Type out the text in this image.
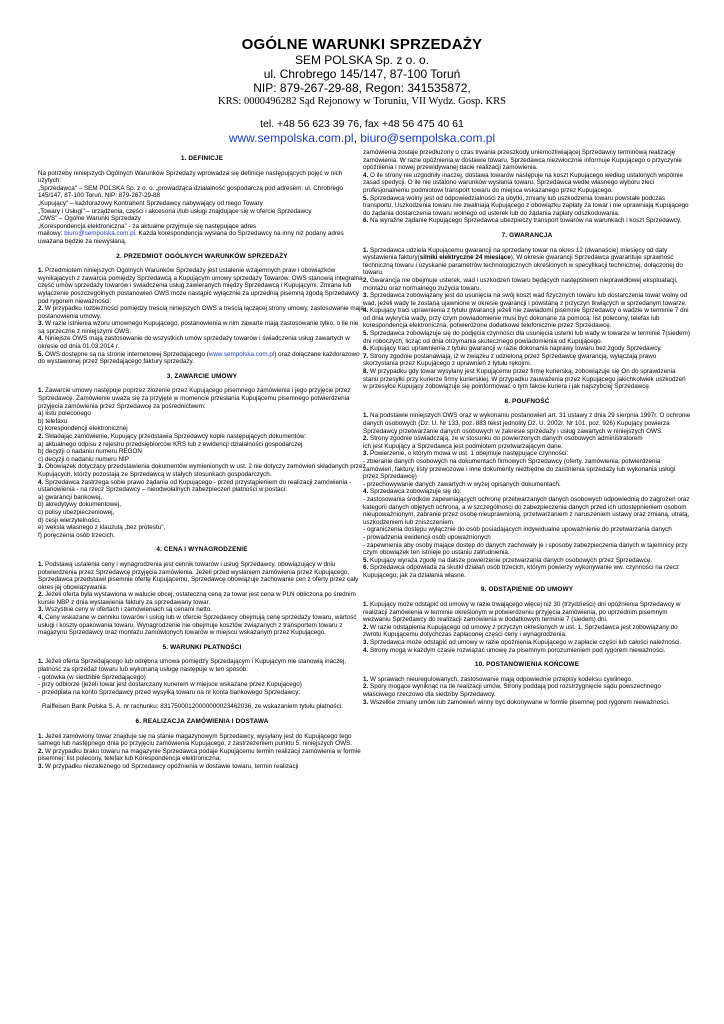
OGÓLNE WARUNKI SPRZEDAŻY
SEM POLSKA Sp. z o. o.
ul. Chrobrego 145/147, 87-100 Toruń
NIP: 879-267-29-88, Regon: 341535872,
KRS: 0000496282 Sąd Rejonowy w Toruniu, VII Wydz. Gosp. KRS
tel. +48 56 623 39 76, fax +48 56 475 40 61
www.sempolska.com.pl, biuro@sempolska.com.pl
1. DEFINICJE

Na potrzeby niniejszych Ogólnych Warunków Sprzedaży wprowadza się definicje następujących pojęć w nich użytych:

„Sprzedawca" – SEM POLSKA Sp. z o. o. „prowadząca działalność gospodarczą pod adresem: ul. Chrobrego 145/147, 87-100 Toruń, NIP: 879-267-29-88

„Kupujący" – każdorazowy Kontrahent Sprzedawcy nabywający od niego Towary

„Towary i Usługi" – urządzenia, części i akcesoria i/lub usługi znajdujące się w ofercie Sprzedawcy

„OWS" – Ogólne Warunki Sprzedaży

„Korespondencja elektroniczna" - za aktualne przyjmuje się następujące adres

mailowy: biuro@sempolska.com.pl. Każda korespondencja wysłana do Sprzedawcy na inny niż podany adres uważana będzie za niewysłaną.

2. PRZEDMIOT OGÓLNYCH WARUNKÓW SPRZEDAŻY

1. Przedmiotem niniejszych Ogólnych Warunków Sprzedaży jest ustalenie wzajemnych praw i obowiązków wynikających z zawarcia pomiędzy Sprzedawcą a Kupującym umowy sprzedaży Towarów. OWS stanowią integralną część umów sprzedaży towarów i świadczenia usług zawieranych między Sprzedawcą i Kupującymi. Zmiana lub wyłączenie poszczególnych postanowień OWS może nastąpić wyłącznie za uprzednią pisemną zgodą Sprzedawcy pod rygorem nieważności.

2. W przypadku rozbieżności pomiędzy treścią niniejszych OWS a treścią łączącej strony umowy, zastosowanie mają postanowienia umowy.

3. W razie istnienia wzoru umownego Kupującego, postanowienia w nim zawarte mają zastosowanie tylko, o ile nie są sprzeczne z niniejszymi OWS.

4. Niniejsze OWS mają zastosowanie do wszystkich umów sprzedaży towarów i świadczenia usług zawartych w okresie od dnia 01.03.2014 r.

5. OWS dostępne są na stronie internetowej Sprzedającego (www.sempolska.com.pl) oraz dołączane każdorazowo do wystawionej przez Sprzedającego faktury sprzedaży.

3. ZAWARCIE UMOWY

1. Zawarcie umowy następuje poprzez złożenie przez Kupującego pisemnego zamówienia i jego przyjęcie przez Sprzedawcę. Zamówienie uważa się za przyjęte w momencie przesłania Kupującemu pisemnego potwierdzenia przyjęcia zamówienia przez Sprzedawcę za pośrednictwem:

a) listu poleconego

b) telefaxu

c) korespondencji elektronicznej

2. Składając zamówienie, Kupujący przedstawia Sprzedawcy kopie następujących dokumentów:

a) aktualnego odpisu z rejestru przedsiębiorców KRS lub z ewidencji działalności gospodarczej

b) decyzji o nadaniu numeru REGON

c) decyzji o nadaniu numeru NIP

3. Obowiązek dotyczący przedstawienia dokumentów wymienionych w ust. 2 nie dotyczy zamówień składanych przez Kupujących, którzy pozostają ze Sprzedawcą w stałych stosunkach gospodarczych.

4. Sprzedawca zastrzega sobie prawo żądania od Kupującego - przed przystąpieniem do realizacji zamówienia - ustanowienia - na rzecz Sprzedawcy – nieodwołalnych zabezpieczeń płatności w postaci:

a) gwarancji bankowej,

b) akredytywy dokumentowej,

c) polisy ubezpieczeniowej,

d) cesji wierzytelności,

e) weksla własnego z klauzulą „bez protestu",

f) poręczenia osób trzecich.

4. CENA I WYNAGRODZENIE

1. Podstawą ustalenia ceny i wynagrodzenia jest cennik towarów i usług Sprzedawcy, obowiązujący w dniu potwierdzenia przez Sprzedawcę przyjęcia zamówienia. Jeżeli przed wysłaniem zamówienia przez Kupującego, Sprzedawca przedstawił pisemnie ofertę Kupującemu, Sprzedawcę obowiązuje zachowanie cen z oferty przez cały okres jej obowiązywania.

2. Jeżeli oferta była wystawiona w walucie obcej, ostateczną ceną za towar jest cena w PLN obliczona po średnim kursie NBP z dnia wystawienia faktury za sprzedawany towar.

3. Wszystkie ceny w ofertach i zamówieniach są cenami netto.

4. Ceny wskazane w cenniku towarów i usług lub w ofercie Sprzedawcy obejmują cenę sprzedaży towaru, wartość usługi i koszty opakowania towaru. Wynagrodzenie nie obejmuje kosztów związanych z transportem towaru z magazynu Sprzedawcy oraz montażu zamówionych towarów w miejscu wskazanym przez Kupującego.

5. WARUNKI PŁATNOŚCI

1. Jeżeli oferta Sprzedającego lub odrębna umowa pomiędzy Sprzedającym i Kupującym nie stanowią inaczej, płatność za sprzedaż towaru lub wykonaną usługę następuje w ten sposób:

- gotówka (w siedzibie Sprzedającego)

- przy odbiorze (jeżeli towar jest dostarczany kurierem w miejsce wskazane przez Kupującego)

- przedpłata na konto Sprzedawcy przed wysyłką towaru na nr konta bankowego Sprzedawcy:

Raiffeisen Bank Polska S. A. nr rachunku: 83175000120000000023462036, ze wskazaniem tytułu płatności.

6. REALIZACJA ZAMÓWIENIA I DOSTAWA

1. Jeżeli zamówiony towar znajduje się na stanie magazynowym Sprzedawcy, wysyłany jest do Kupującego tego samego lub następnego dnia po przyjęciu zamówienia Kupującego, z zastrzeżeniem punktu 5. niniejszych OWS.

2. W przypadku braku towaru na magazynie Sprzedawca podaje Kupującemu termin realizacji zamówienia w formie pisemnej: list polecony, telefax lub Korespondencja elektroniczna.

3. W przypadku niezależnego od Sprzedawcy opóźnienia w dostawie towaru, termin realizacji

zamówienia zostaje przedłużony o czas trwania przeszkody uniemożliwiającej Sprzedawcy terminową realizację zamówienia. W razie opóźnienia w dostawie towaru, Sprzedawca niezwłocznie informuje Kupującego o przyczynie opóźnienia i nowej przewidywanej dacie realizacji zamówienia.

4. O ile strony nie uzgodniły inaczej, dostawa towarów następuje na koszt Kupującego według ustalonych wspólnie zasad spedycji. O ile nie ustalono warunków wysłania towaru, Sprzedawca wedle własnego wyboru zleci profesjonalnemu podmiotowi transport towaru do miejsca wskazanego przez Kupującego.

5. Sprzedawca wolny jest od odpowiedzialności za ubytki, zmiany lub uszkodzenia towaru powstałe podczas transportu. Uszkodzenia towaru nie zwalniają Kupującego z obowiązku zapłaty za towar i nie uprawniają Kupującego do żądania dostarczenia towaru wolnego od usterek lub do żądania zapłaty odszkodowania.

6. Na wyraźne żądanie Kupującego Sprzedawca ubezpieczy transport towarów na warunkach i koszt Sprzedawcy.

7. GWARANCJA

1. Sprzedawca udziela Kupującemu gwarancji na sprzedany towar na okres 12 (dwanaście) miesięcy od daty wystawienia faktury(silniki elektryczne 24 miesiące). W okresie gwarancji Sprzedawca gwarantuje sprawność techniczną towaru i uzyskanie parametrów technologicznych określonych w specyfikacji technicznej, dołączonej do towaru.

2. Gwarancja nie obejmuje usterek, wad i uszkodzeń towaru będących następstwem nieprawidłowej eksploatacji, montażu oraz normalnego zużycia towaru.

3. Sprzedawca zobowiązany jest do usunięcia na swój koszt wad fizycznych towaru lub dostarczenia towar wolny od wad, jeżeli wady te zostaną ujawnione w okresie gwarancji i powstaną z przyczyn tkwiących w sprzedanym towarze.

4. Kupujący traci uprawnienia z tytułu gwarancji jeżeli nie zawiadomi pisemnie Sprzedawcy o wadzie w terminie 7 dni od dnia wykrycia wady, przy czym powiadomienie musi być dokonane za pomocą: list polecony, telefax lub korespondencja elektroniczna, potwierdzone dodatkowe telefonicznie przez Sprzedawcę.

5. Sprzedawca zobowiązuje się do podjęcia czynności dla usunięcia usterki lub wady w towarze w terminie 7(siedem) dni roboczych, licząc od dnia otrzymania skutecznego powiadomienia od Kupującego.

6. Kupujący traci uprawnienia z tytułu gwarancji w razie dokonania naprawy towaru bez zgody Sprzedawcy.

7. Strony zgodnie postanawiają, iż w związku z udzieloną przez Sprzedawcę gwarancją, wyłączają prawo skorzystania przez Kupującego z uprawnień z tytułu rękojmi.

8. W przypadku gdy towar wysyłany jest Kupującemu przez firmę kurierską, zobowiązuje się On do sprawdzenia stanu przesyłki przy kurierze firmy kurierskiej. W przypadku zauważenia przez Kupującego jakichkolwiek uszkodzeń w przesyłce Kupujący zobowiązuje się poinformować o tym fakcie kuriera i jak najszybciej Sprzedawcę.

8. POUFNOŚĆ

1. Na podstawie niniejszych OWS oraz w wykonaniu postanowień art. 31 ustawy z dnia 29 sierpnia 1997r. O ochronie danych osobowych (Dz. U. Nr 133, poz. 883 tekst jednolity Dz. U. 2002r. Nr 101, poz. 926) Kupujący powierza Sprzedawcy przetwarzanie danych osobowych w zakresie sprzedaży i usług zawartych w niniejszych OWS.

2. Strony zgodnie oświadczają, że w stosunku do powierzonych danych osobowych administratorem

ich jest Kupujący a Sprzedawca jest podmiotem przetwarzającym dane.

3. Powierzenie, o którym mowa w ust. 1 obejmuje następujące czynności:

- zbieranie danych osobowych na dokumentach firmowych Sprzedawcy (oferty, zamówienia, potwierdzenia zamówień, faktury, listy przewozowe i inne dokumenty niezbędne do zaistnienia sprzedaży lub wykonania usługi przez Sprzedawcę)

- przechowywanie danych zawartych w wyżej opisanych dokumentach.

4. Sprzedawca zobowiązuje się do:

- zastosowania środków zapewniających ochronę przetwarzanych danych osobowych odpowiednią do zagrożeń oraz kategorii danych objętych ochroną, a w szczególności do zabezpieczenia danych przed ich udostępnieniem osobom nieupoważnionym, zabranie przez osobę nieuprawnioną, przetwarzaniem z naruszeniem ustawy oraz zmianą, utratą, uszkodzeniem lub zniszczeniem

- ograniczenia dostępu wyłącznie do osób posiadających indywidualne upoważnienie do przetwarzania danych

- prowadzenia ewidencji osób upoważnionych

- zapewnienia aby osoby mające dostęp do danych zachowały je i sposoby zabezpieczenia danych w tajemnicy przy czym obowiązek ten istnieje po ustaniu zatrudnienia.

5. Kupujący wyraża zgodę na dalsze powierzenie przetwarzania danych osobowych przez Sprzedawcę.

6. Sprzedawca odpowiada za skutki działań osób trzecich, którym powierzy wykonywanie ww. czynności na rzecz Kupującego, jak za działania własne.

9. ODSTĄPIENIE OD UMOWY

1. Kupujący może odstąpić od umowy w razie trwającego więcej niż 30 (trzydzieści) dni opóźnienia Sprzedawcy w realizacji zamówienia w terminie określonym w potwierdzeniu przyjęcia zamówienia, po uprzednim pisemnym wezwaniu Sprzedawcy do realizacji zamówienia w dodatkowym terminie 7 (siedem) dni.

2. W razie odstąpienia Kupującego od umowy z przyczyn określonych w ust. 1, Sprzedawca jest zobowiązany do zwrotu Kupującemu dotychczas zapłaconej części ceny i wynagrodzenia.

3. Sprzedawca może odstąpić od umowy w razie opóźnienia Kupującego w zapłacie części lub całości należności.

4. Strony mogą w każdym czasie rozwiązać umowę za pisemnym porozumieniem pod rygorem nieważności.

10. POSTANOWIENIA KOŃCOWE

1. W sprawach nieuregulowanych, zastosowanie mają odpowiednie przepisy kodeksu cywilnego.

2. Spory mogące wyniknąć na tle realizacji umów, Strony poddają pod rozstrzygnięcie sądu powszechnego właściwego rzeczowo dla siedziby Sprzedawcy.

3. Wszelkie zmiany umów lub zamówień winny być dokonywane w formie pisemnej pod rygorem nieważności.
